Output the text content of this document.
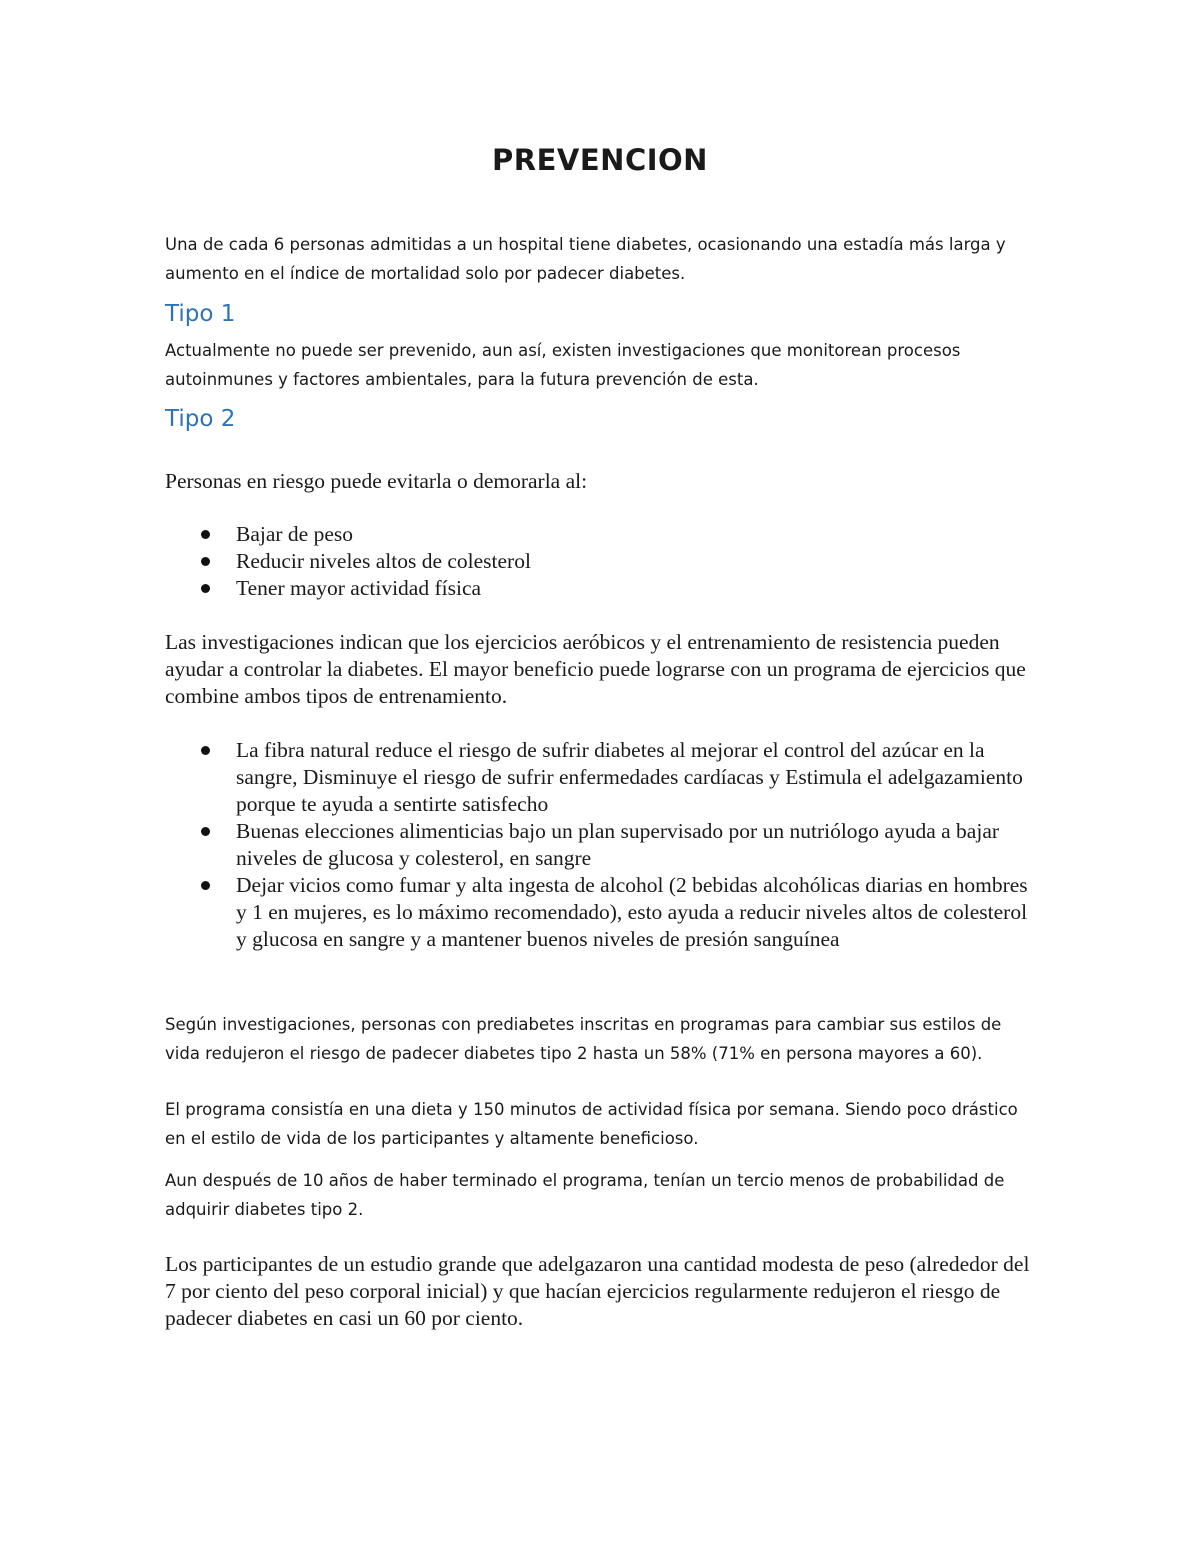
PREVENCION

Una de cada 6 personas admitidas a un hospital tiene diabetes, ocasionando una estadía más larga y aumento en el índice de mortalidad solo por padecer diabetes.

Tipo 1

Actualmente no puede ser prevenido, aun así, existen investigaciones que monitorean procesos autoinmunes y factores ambientales, para la futura prevención de esta.

Tipo 2

Personas en riesgo puede evitarla o demorarla al:

Bajar de peso
Reducir niveles altos de colesterol
Tener mayor actividad física

Las investigaciones indican que los ejercicios aeróbicos y el entrenamiento de resistencia pueden ayudar a controlar la diabetes. El mayor beneficio puede lograrse con un programa de ejercicios que combine ambos tipos de entrenamiento.

La fibra natural reduce el riesgo de sufrir diabetes al mejorar el control del azúcar en la sangre, Disminuye el riesgo de sufrir enfermedades cardíacas y Estimula el adelgazamiento porque te ayuda a sentirte satisfecho
Buenas elecciones alimenticias bajo un plan supervisado por un nutriólogo ayuda a bajar niveles de glucosa y colesterol, en sangre
Dejar vicios como fumar y alta ingesta de alcohol (2 bebidas alcohólicas diarias en hombres y 1 en mujeres, es lo máximo recomendado), esto ayuda a reducir niveles altos de colesterol y glucosa en sangre y a mantener buenos niveles de presión sanguínea

Según investigaciones, personas con prediabetes inscritas en programas para cambiar sus estilos de vida redujeron el riesgo de padecer diabetes tipo 2 hasta un 58% (71% en persona mayores a 60).

El programa consistía en una dieta y 150 minutos de actividad física por semana. Siendo poco drástico en el estilo de vida de los participantes y altamente beneficioso.

Aun después de 10 años de haber terminado el programa, tenían un tercio menos de probabilidad de adquirir diabetes tipo 2.

Los participantes de un estudio grande que adelgazaron una cantidad modesta de peso (alrededor del 7 por ciento del peso corporal inicial) y que hacían ejercicios regularmente redujeron el riesgo de padecer diabetes en casi un 60 por ciento.
